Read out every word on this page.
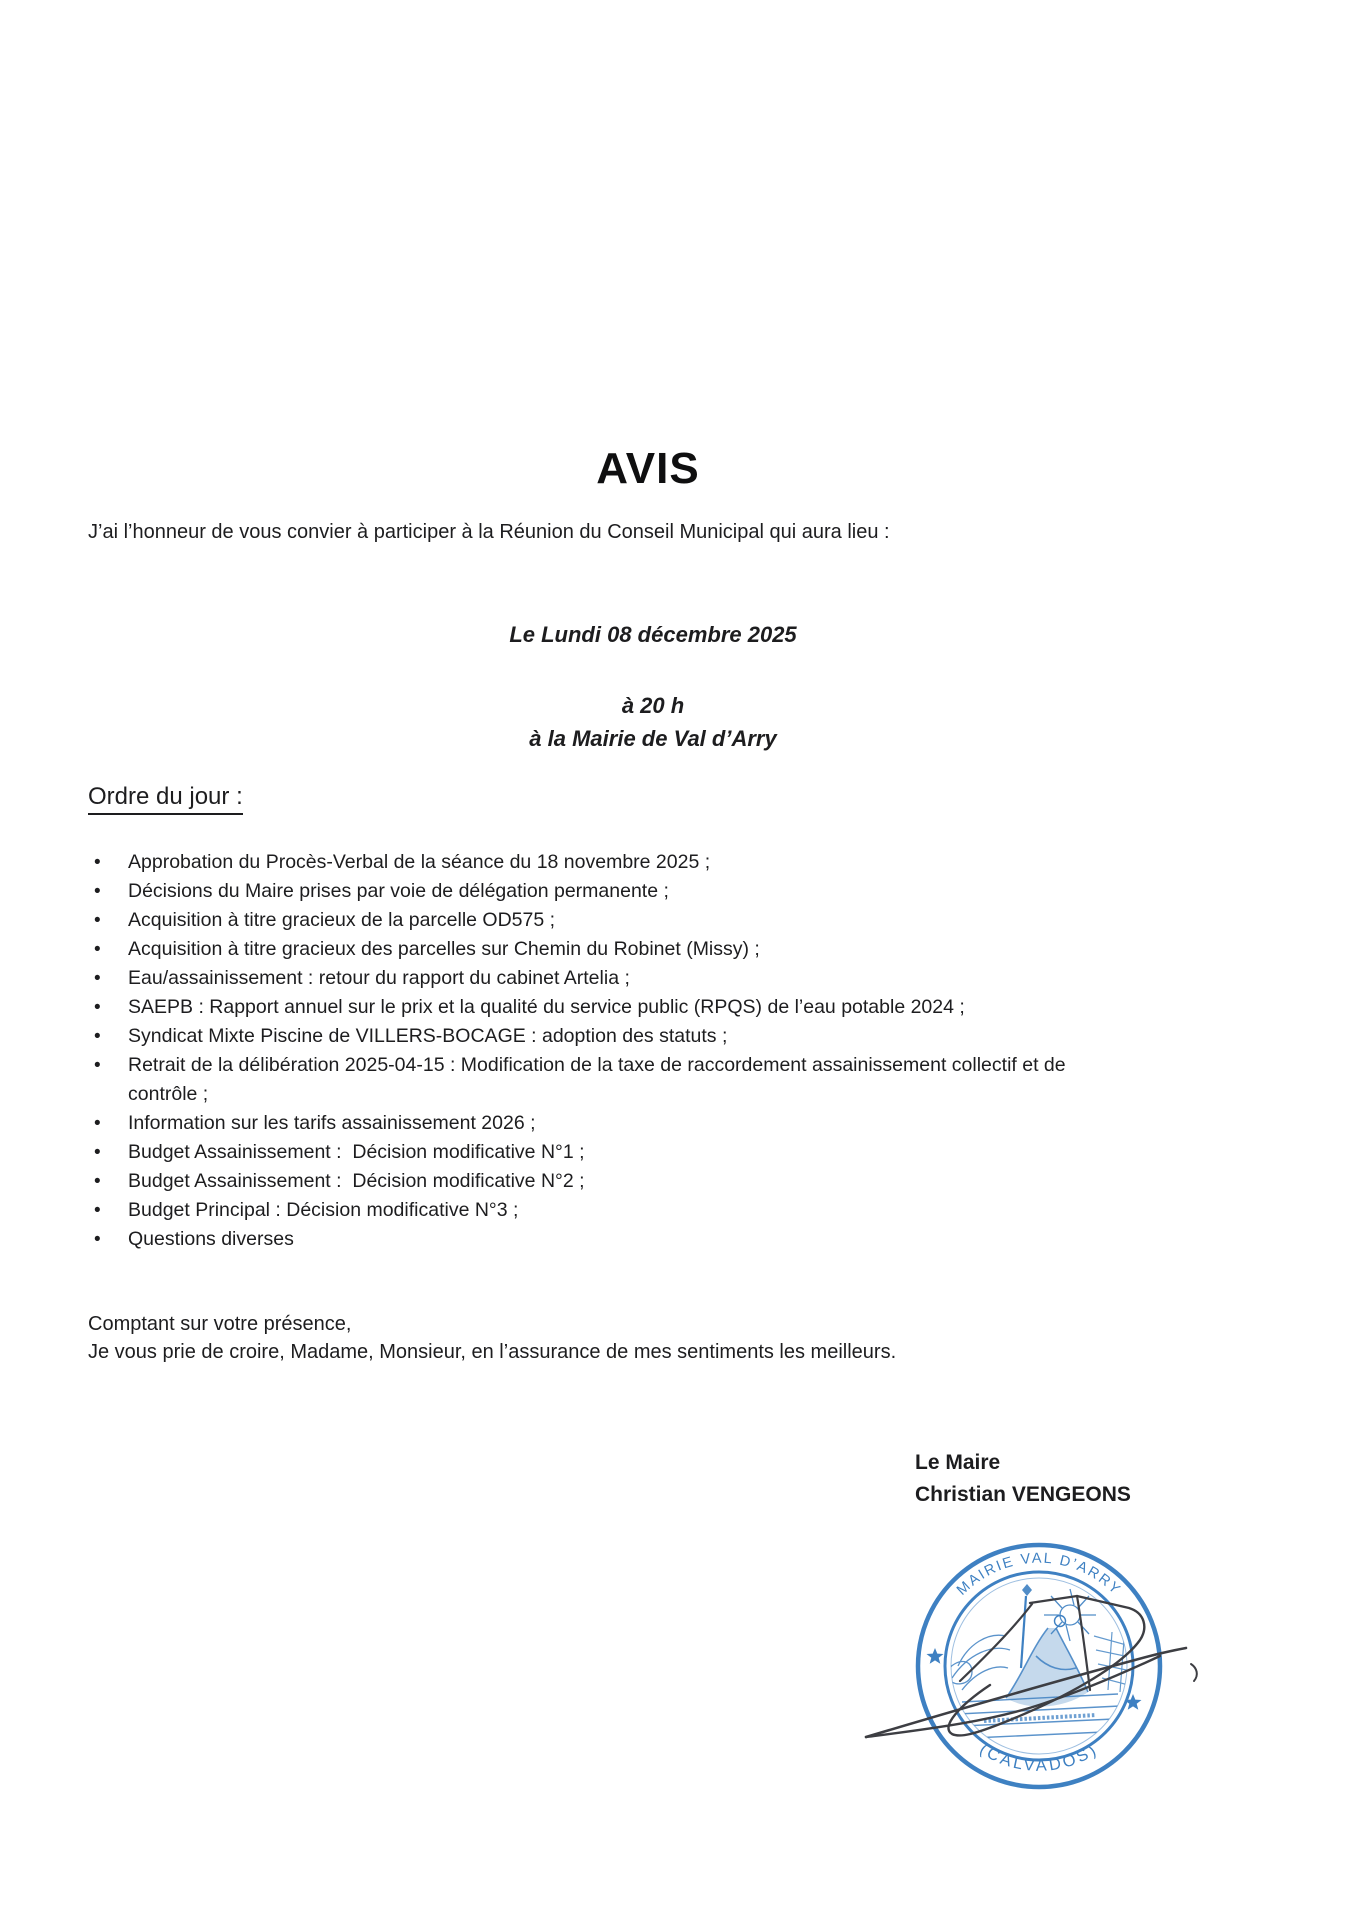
AVIS

J’ai l’honneur de vous convier à participer à la Réunion du Conseil Municipal qui aura lieu :

Le Lundi 08 décembre 2025
à 20 h
à la Mairie de Val d’Arry
Ordre du jour :
• Approbation du Procès-Verbal de la séance du 18 novembre 2025 ;
• Décisions du Maire prises par voie de délégation permanente ;
• Acquisition à titre gracieux de la parcelle OD575 ;
• Acquisition à titre gracieux des parcelles sur Chemin du Robinet (Missy) ;
• Eau/assainissement : retour du rapport du cabinet Artelia ;
• SAEPB : Rapport annuel sur le prix et la qualité du service public (RPQS) de l’eau potable 2024 ;
• Syndicat Mixte Piscine de VILLERS-BOCAGE : adoption des statuts ;
• Retrait de la délibération 2025-04-15 : Modification de la taxe de raccordement assainissement collectif et de contrôle ;
• Information sur les tarifs assainissement 2026 ;
• Budget Assainissement :  Décision modificative N°1 ;
• Budget Assainissement :  Décision modificative N°2 ;
• Budget Principal : Décision modificative N°3 ;
• Questions diverses
Comptant sur votre présence,
Je vous prie de croire, Madame, Monsieur, en l’assurance de mes sentiments les meilleurs.
Le Maire
Christian VENGEONS
MAIRIE VAL D’ARRY
(CALVADOS)
